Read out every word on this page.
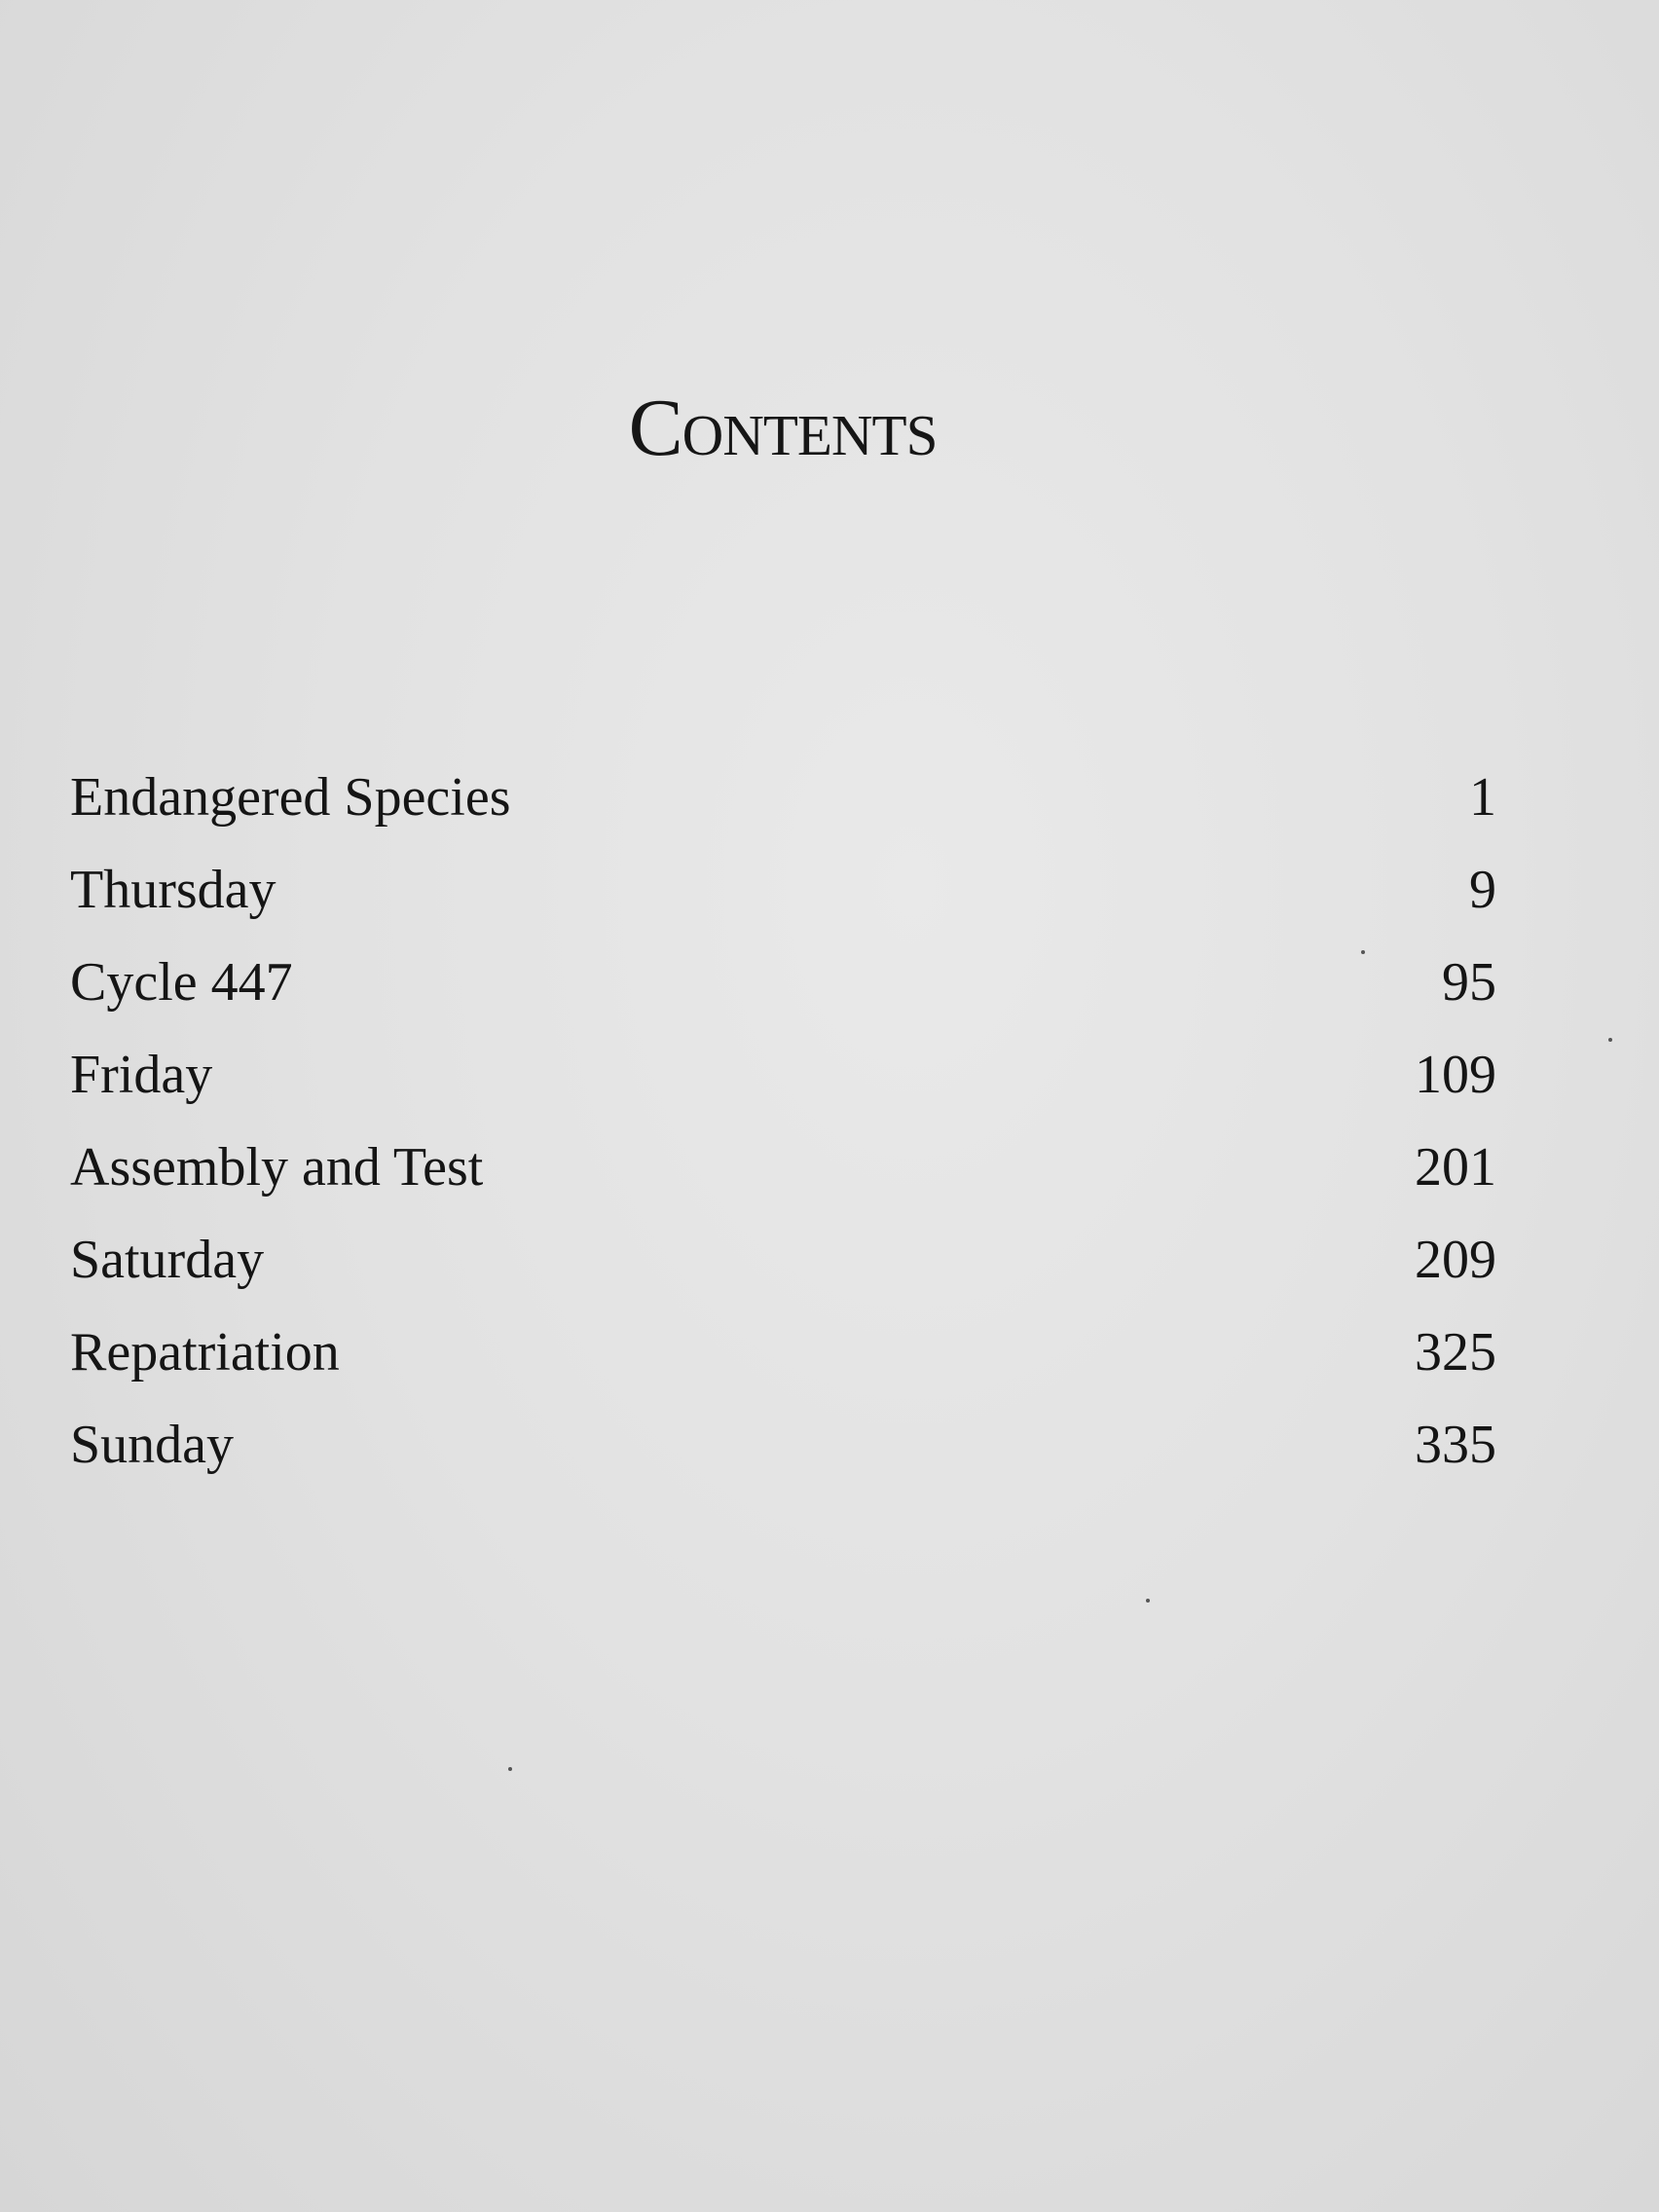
Contents
Endangered Species	1
Thursday	9
Cycle 447	95
Friday	109
Assembly and Test	201
Saturday	209
Repatriation	325
Sunday	335
